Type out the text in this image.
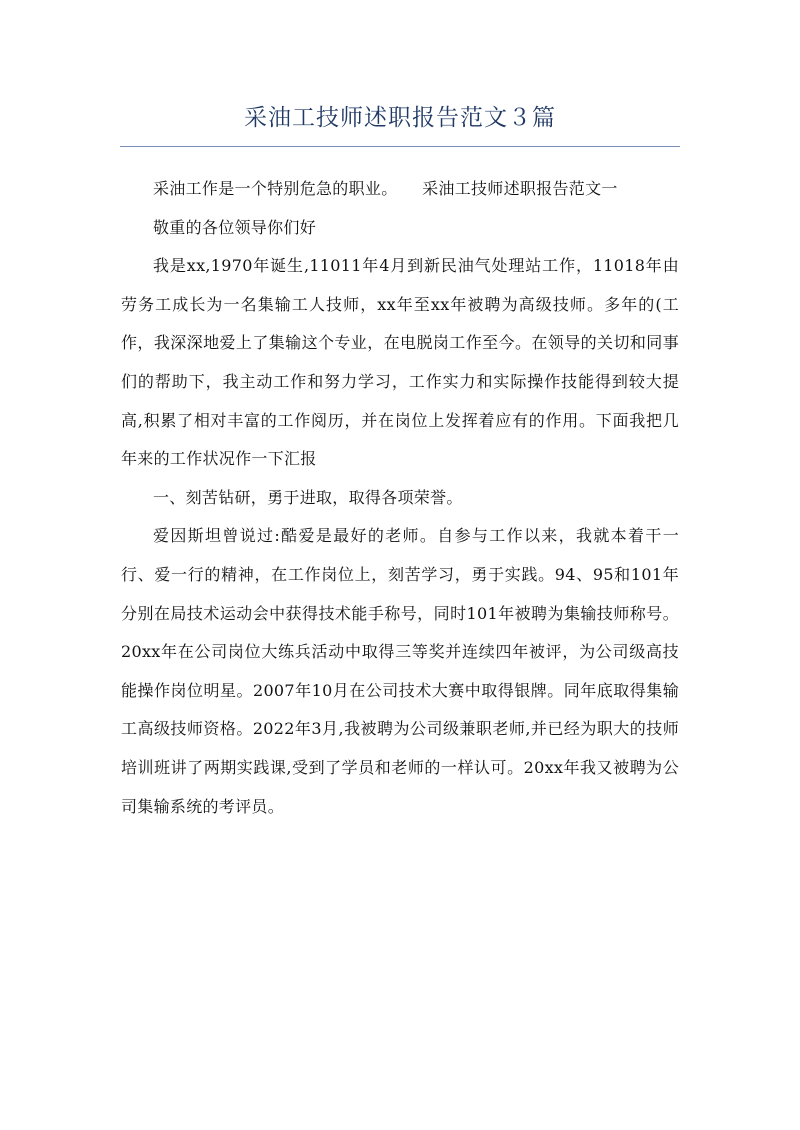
采油工技师述职报告范文３篇

采油工作是一个特别危急的职业。　　采油工技师述职报告范文一

敬重的各位领导你们好

我是xx,1970年诞生,11011年4月到新民油气处理站工作，11018年由劳务工成长为一名集输工人技师，xx年至xx年被聘为高级技师。多年的(工作，我深深地爱上了集输这个专业，在电脱岗工作至今。在领导的关切和同事们的帮助下，我主动工作和努力学习，工作实力和实际操作技能得到较大提高,积累了相对丰富的工作阅历，并在岗位上发挥着应有的作用。下面我把几年来的工作状况作一下汇报

一、刻苦钻研，勇于进取，取得各项荣誉。

爱因斯坦曾说过:酷爱是最好的老师。自参与工作以来，我就本着干一行、爱一行的精神，在工作岗位上，刻苦学习，勇于实践。94、95和101年分别在局技术运动会中获得技术能手称号，同时101年被聘为集输技师称号。20xx年在公司岗位大练兵活动中取得三等奖并连续四年被评，为公司级高技能操作岗位明星。2007年10月在公司技术大赛中取得银牌。同年底取得集输工高级技师资格。2022年3月,我被聘为公司级兼职老师,并已经为职大的技师培训班讲了两期实践课,受到了学员和老师的一样认可。20xx年我又被聘为公司集输系统的考评员。
